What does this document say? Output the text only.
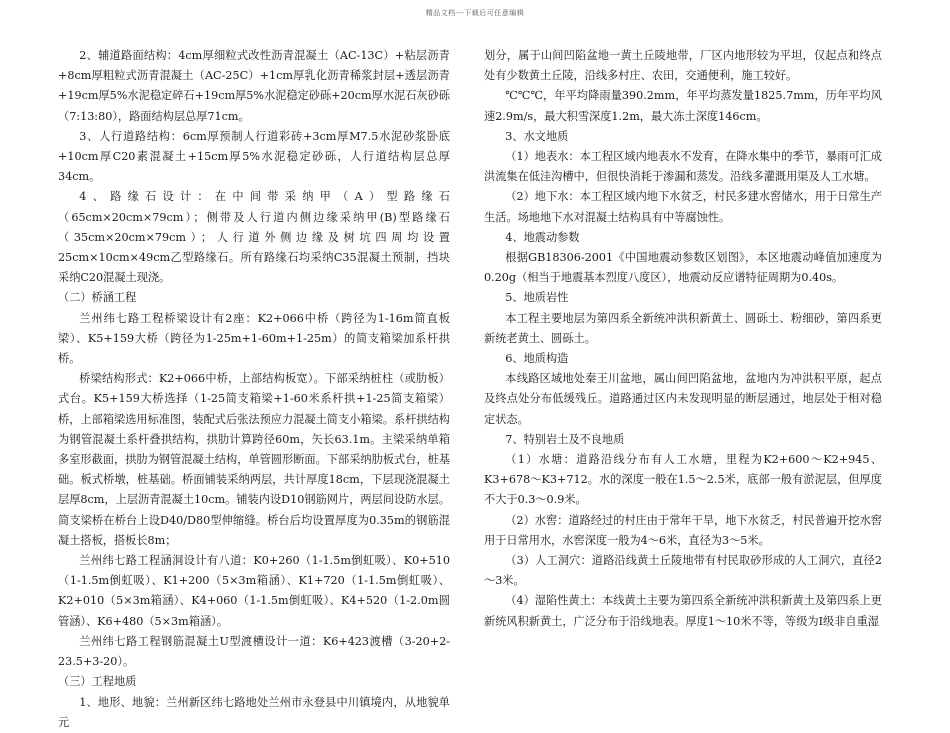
精品文档---下载后可任意编辑

2、辅道路面结构：4cm厚细粒式改性沥青混凝土（AC-13C）+粘层沥青+8cm厚粗粒式沥青混凝土（AC-25C）+1cm厚乳化沥青稀浆封层+透层沥青+19cm厚5%水泥稳定碎石+19cm厚5%水泥稳定砂砾+20cm厚水泥石灰砂砾（7:13:80），路面结构层总厚71cm。

3、人行道路结构：6cm厚预制人行道彩砖+3cm厚M7.5水泥砂浆卧底+10cm厚C20素混凝土+15cm厚5%水泥稳定砂砾，人行道结构层总厚34cm。

4、路缘石设计：在中间带采纳甲（A）型路缘石（65cm×20cm×79cm）；侧带及人行道内侧边缘采纳甲(B)型路缘石（35cm×20cm×79cm）；人行道外侧边缘及树坑四周均设置25cm×10cm×49cm乙型路缘石。所有路缘石均采纳C35混凝土预制，挡块采纳C20混凝土现浇。

（二）桥涵工程

兰州纬七路工程桥梁设计有2座：K2+066中桥（跨径为1-16m简直板梁）、K5+159大桥（跨径为1-25m+1-60m+1-25m）的简支箱梁加系杆拱桥。

桥梁结构形式：K2+066中桥，上部结构板宽）。下部采纳桩柱（或肋板）式台。K5+159大桥选择（1-25简支箱梁+1-60米系杆拱+1-25简支箱梁）桥，上部箱梁选用标准图，装配式后张法预应力混凝土简支小箱梁。系杆拱结构为钢管混凝土系杆叠拱结构，拱肋计算跨径60m，矢长63.1m。主梁采纳单箱多室形截面，拱肋为钢管混凝土结构，单管圆形断面。下部采纳肋板式台，桩基础。板式桥墩，桩基础。桥面铺装采纳两层，共计厚度18cm，下层现浇混凝土层厚8cm，上层沥青混凝土10cm。铺装内设D10钢筋网片，两层间设防水层。简支梁桥在桥台上设D40/D80型伸缩缝。桥台后均设置厚度为0.35m的钢筋混凝土搭板，搭板长8m；

兰州纬七路工程涵洞设计有八道：K0+260（1-1.5m倒虹吸）、K0+510（1-1.5m倒虹吸）、K1+200（5×3m箱涵）、K1+720（1-1.5m倒虹吸）、K2+010（5×3m箱涵）、K4+060（1-1.5m倒虹吸）、K4+520（1-2.0m圆管涵）、K6+480（5×3m箱涵）。

兰州纬七路工程钢筋混凝土U型渡槽设计一道：K6+423渡槽（3-20+2-23.5+3-20）。

（三）工程地质

1、地形、地貌：兰州新区纬七路地处兰州市永登县中川镇境内，从地貌单元

划分，属于山间凹陷盆地一黄土丘陵地带，厂区内地形较为平坦，仅起点和终点处有少数黄土丘陵，沿线多村庄、农田，交通便利，施工较好。

℃℃℃，年平均降雨量390.2mm，年平均蒸发量1825.7mm，历年平均风速2.9m/s，最大积雪深度1.2m，最大冻土深度146cm。

3、水文地质

（1）地表水：本工程区域内地表水不发育，在降水集中的季节，暴雨可汇成洪流集在低洼沟槽中，但很快消耗于渗漏和蒸发。沿线多灌溉用渠及人工水塘。

（2）地下水：本工程区域内地下水贫乏，村民多建水窖储水，用于日常生产生活。场地地下水对混凝土结构具有中等腐蚀性。

4、地震动参数

根据GB18306-2001《中国地震动参数区划图》，本区地震动峰值加速度为0.20g（相当于地震基本烈度八度区），地震动反应谱特征周期为0.40s。

5、地质岩性

本工程主要地层为第四系全新统冲洪积新黄土、圆砾土、粉细砂，第四系更新统老黄土、圆砾土。

6、地质构造

本线路区域地处秦王川盆地，属山间凹陷盆地，盆地内为冲洪积平原，起点及终点处分布低缓残丘。道路通过区内未发现明显的断层通过，地层处于相对稳定状态。

7、特别岩土及不良地质

（1）水塘：道路沿线分布有人工水塘，里程为K2+600～K2+945、K3+678～K3+712。水的深度一般在1.5～2.5米，底部一般有淤泥层，但厚度不大于0.3～0.9米。

（2）水窖：道路经过的村庄由于常年干旱，地下水贫乏，村民普遍开挖水窖用于日常用水，水窖深度一般为4～6米，直径为3～5米。

（3）人工洞穴：道路沿线黄土丘陵地带有村民取砂形成的人工洞穴，直径2～3米。

（4）湿陷性黄土：本线黄土主要为第四系全新统冲洪积新黄土及第四系上更新统风积新黄土，广泛分布于沿线地表。厚度1～10米不等，等级为Ⅰ级非自重湿
